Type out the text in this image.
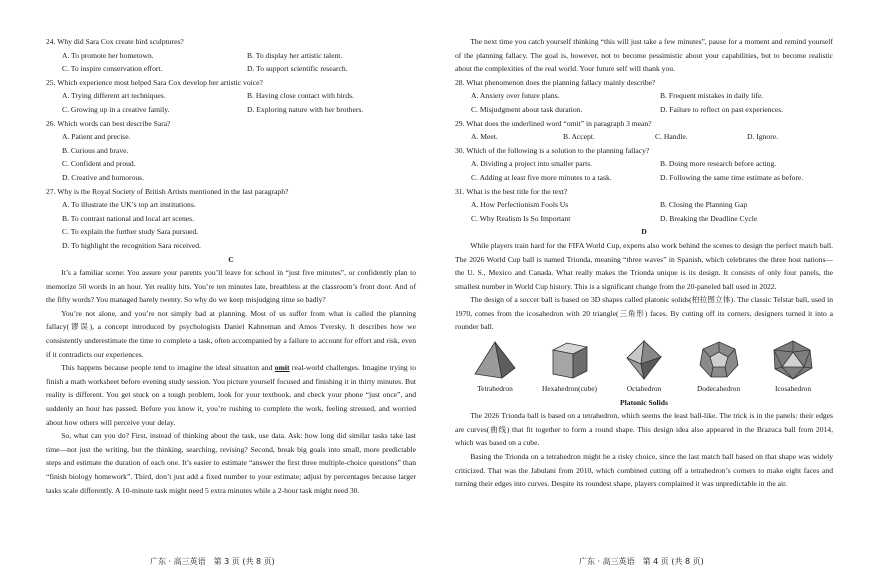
24. Why did Sara Cox create bird sculptures?
A. To promote her hometown.	B. To display her artistic talent.
C. To inspire conservation effort.	D. To support scientific research.
25. Which experience most helped Sara Cox develop her artistic voice?
A. Trying different art techniques.	B. Having close contact with birds.
C. Growing up in a creative family.	D. Exploring nature with her brothers.
26. Which words can best describe Sara?
A. Patient and precise.
B. Curious and brave.
C. Confident and proud.
D. Creative and humorous.
27. Why is the Royal Society of British Artists mentioned in the last paragraph?
A. To illustrate the UK’s top art institutions.
B. To contrast national and local art scenes.
C. To explain the further study Sara pursued.
D. To highlight the recognition Sara received.
C
It’s a familiar scene: You assure your parents you’ll leave for school in “just five minutes”, or confidently plan to memorize 50 words in an hour. Yet reality hits. You’re ten minutes late, breathless at the classroom’s front door. And of the fifty words? You managed barely twenty. So why do we keep misjudging time so badly?
You’re not alone, and you’re not simply bad at planning. Most of us suffer from what is called the planning fallacy(谬误), a concept introduced by psychologists Daniel Kahneman and Amos Tversky. It describes how we consistently underestimate the time to complete a task, often accompanied by a failure to account for effort and risk, even if it contradicts our experiences.
This happens because people tend to imagine the ideal situation and omit real-world challenges. Imagine trying to finish a math worksheet before evening study session. You picture yourself focused and finishing it in thirty minutes. But reality is different. You get stuck on a tough problem, look for your textbook, and check your phone “just once”, and suddenly an hour has passed. Before you know it, you’re rushing to complete the work, feeling stressed, and worried about how others will perceive your delay.
So, what can you do? First, instead of thinking about the task, use data. Ask: how long did similar tasks take last time—not just the writing, but the thinking, searching, revising? Second, break big goals into small, more predictable steps and estimate the duration of each one. It’s easier to estimate “answer the first three multiple-choice questions” than “finish biology homework”. Third, don’t just add a fixed number to your estimate; adjust by percentages because larger tasks scale differently. A 10-minute task might need 5 extra minutes while a 2-hour task might need 30.
广东 · 高三英语　第 3 页 (共 8 页)
The next time you catch yourself thinking “this will just take a few minutes”, pause for a moment and remind yourself of the planning fallacy. The goal is, however, not to become pessimistic about your capabilities, but to become realistic about the complexities of the real world. Your future self will thank you.
28. What phenomenon does the planning fallacy mainly describe?
A. Anxiety over future plans.	B. Frequent mistakes in daily life.
C. Misjudgment about task duration.	D. Failure to reflect on past experiences.
29. What does the underlined word “omit” in paragraph 3 mean?
A. Meet.	B. Accept.	C. Handle.	D. Ignore.
30. Which of the following is a solution to the planning fallacy?
A. Dividing a project into smaller parts.	B. Doing more research before acting.
C. Adding at least five more minutes to a task.	D. Following the same time estimate as before.
31. What is the best title for the text?
A. How Perfectionism Fools Us	B. Closing the Planning Gap
C. Why Realism Is So Important	D. Breaking the Deadline Cycle
D
While players train hard for the FIFA World Cup, experts also work behind the scenes to design the perfect match ball. The 2026 World Cup ball is named Trionda, meaning “three waves” in Spanish, which celebrates the three host nations—the U. S., Mexico and Canada. What really makes the Trionda unique is its design. It consists of only four panels, the smallest number in World Cup history. This is a significant change from the 20-paneled ball used in 2022.
The design of a soccer ball is based on 3D shapes called platonic solids(柏拉图立体). The classic Telstar ball, used in 1970, comes from the icosahedron with 20 triangle(三角形) faces. By cutting off its corners, designers turned it into a rounder ball.
Tetrahedron	Hexahedron(cube)	Octahedron	Dodecahedron	Icosahedron
Platonic Solids
The 2026 Trionda ball is based on a tetrahedron, which seems the least ball-like. The trick is in the panels: their edges are curves(曲线) that fit together to form a round shape. This design idea also appeared in the Brazuca ball from 2014, which was based on a cube.
Basing the Trionda on a tetrahedron might be a risky choice, since the last match ball based on that shape was widely criticized. That was the Jabulani from 2010, which combined cutting off a tetrahedron’s corners to make eight faces and turning their edges into curves. Despite its roundest shape, players complained it was unpredictable in the air.
广东 · 高三英语　第 4 页 (共 8 页)
